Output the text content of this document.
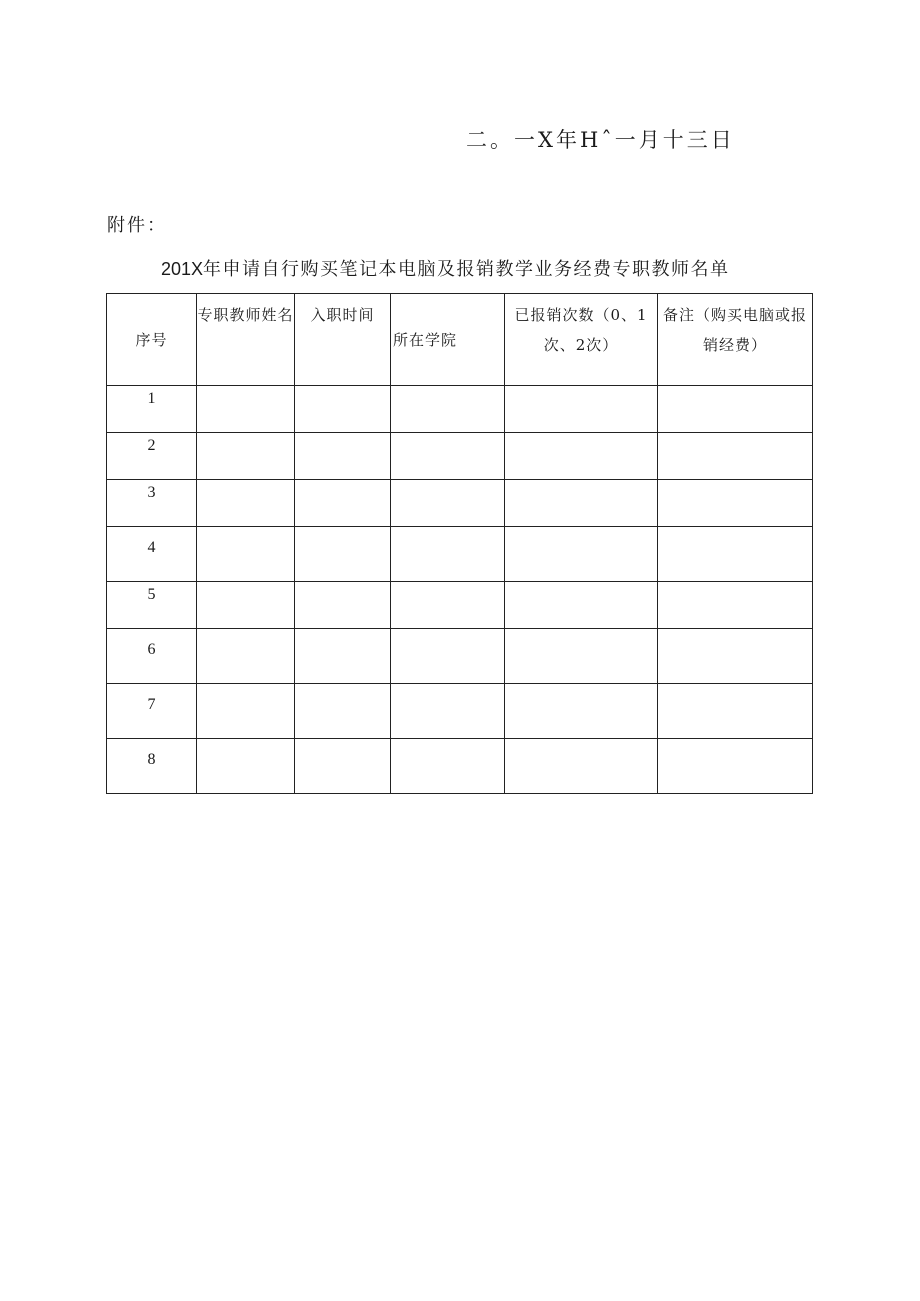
二。一X年Hˆ一月十三日
附件：
201X年申请自行购买笔记本电脑及报销教学业务经费专职教师名单
序号	专职教师姓名	入职时间	所在学院	已报销次数（0、1次、2次）	备注（购买电脑或报销经费）
1					
2					
3					
4					
5					
6					
7					
8					
